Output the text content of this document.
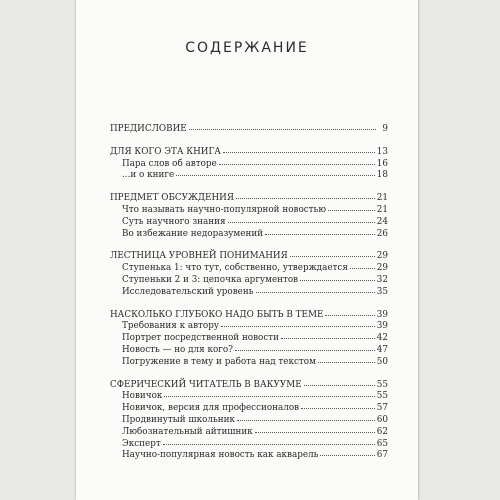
СОДЕРЖАНИЕ
ПРЕДИСЛОВИЕ	9
ДЛЯ КОГО ЭТА КНИГА	13
Пара слов об авторе	16
...и о книге	18
ПРЕДМЕТ ОБСУЖДЕНИЯ	21
Что называть научно-популярной новостью	21
Суть научного знания	24
Во избежание недоразумений	26
ЛЕСТНИЦА УРОВНЕЙ ПОНИМАНИЯ	29
Ступенька 1: что тут, собственно, утверждается	29
Ступеньки 2 и 3: цепочка аргументов	32
Исследовательский уровень	35
НАСКОЛЬКО ГЛУБОКО НАДО БЫТЬ В ТЕМЕ	39
Требования к автору	39
Портрет посредственной новости	42
Новость — но для кого?	47
Погружение в тему и работа над текстом	50
СФЕРИЧЕСКИЙ ЧИТАТЕЛЬ В ВАКУУМЕ	55
Новичок	55
Новичок, версия для профессионалов	57
Продвинутый школьник	60
Любознательный айтишник	62
Эксперт	65
Научно-популярная новость как акварель	67
